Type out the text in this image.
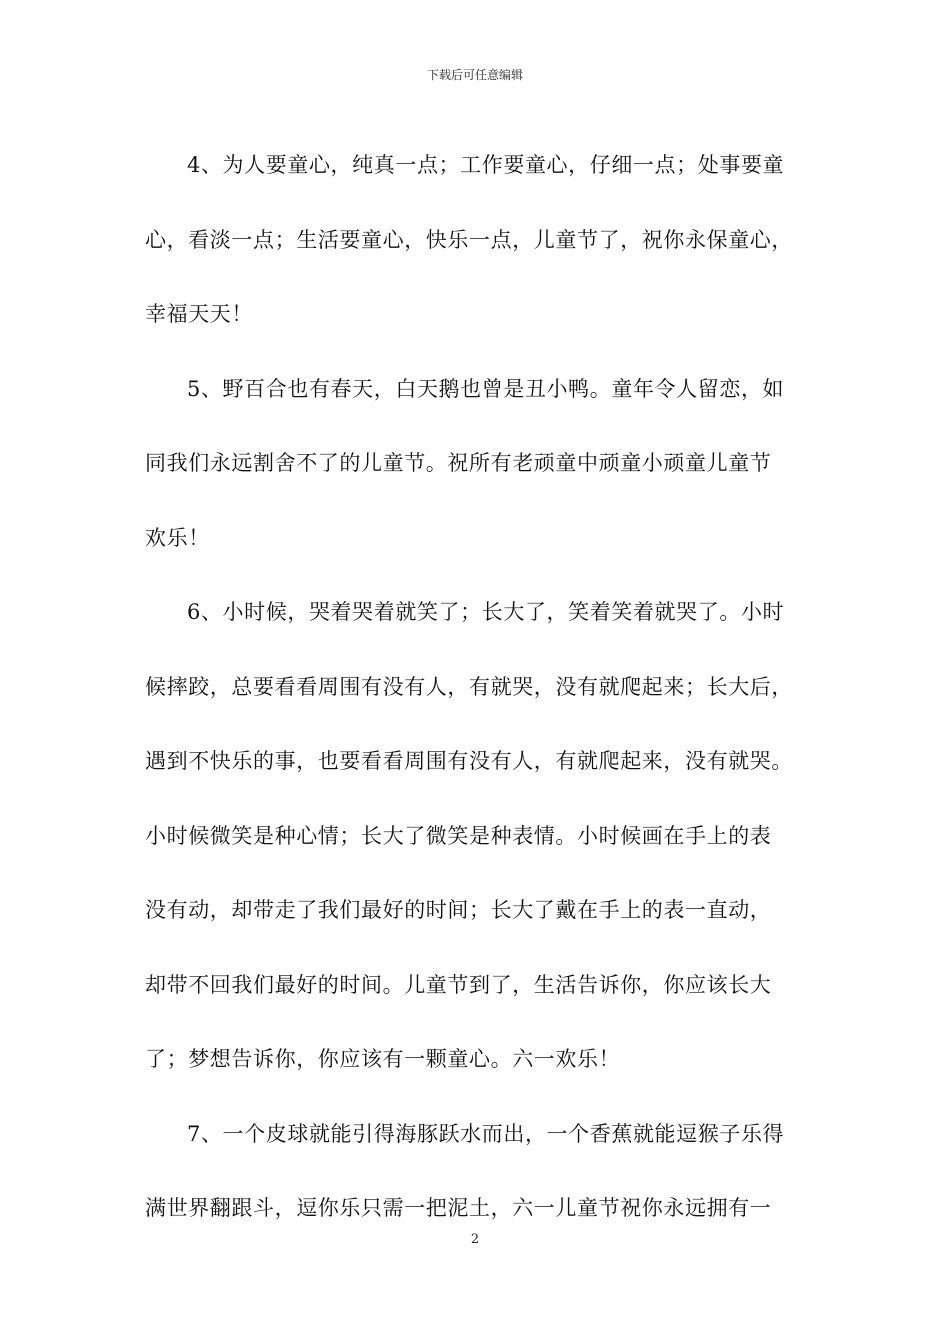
下载后可任意编辑
4、为人要童心，纯真一点；工作要童心，仔细一点；处事要童
心，看淡一点；生活要童心，快乐一点，儿童节了，祝你永保童心，
幸福天天！
5、野百合也有春天，白天鹅也曾是丑小鸭。童年令人留恋，如
同我们永远割舍不了的儿童节。祝所有老顽童中顽童小顽童儿童节
欢乐！
6、小时候，哭着哭着就笑了；长大了，笑着笑着就哭了。小时
候摔跤，总要看看周围有没有人，有就哭，没有就爬起来；长大后，
遇到不快乐的事，也要看看周围有没有人，有就爬起来，没有就哭。
小时候微笑是种心情；长大了微笑是种表情。小时候画在手上的表
没有动，却带走了我们最好的时间；长大了戴在手上的表一直动，
却带不回我们最好的时间。儿童节到了，生活告诉你，你应该长大
了；梦想告诉你，你应该有一颗童心。六一欢乐！
7、一个皮球就能引得海豚跃水而出，一个香蕉就能逗猴子乐得
满世界翻跟斗，逗你乐只需一把泥土，六一儿童节祝你永远拥有一
2
